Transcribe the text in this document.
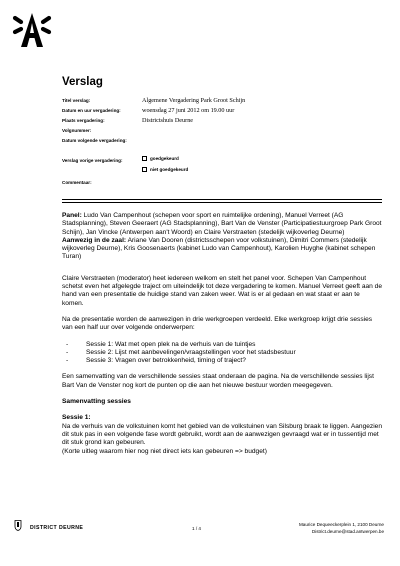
Verslag
Titel verslag:	Algemene Vergadering Park Groot Schijn
Datum en uur vergadering:	woensdag 27 juni 2012 om 19.00 uur
Plaats vergadering:	Districtshuis Deurne
Volgnummer:
Datum volgende vergadering:
Verslag vorige vergadering:	goedgekeurd
niet goedgekeurd
Commentaar:

Panel: Ludo Van Campenhout (schepen voor sport en ruimtelijke ordening), Manuel Verreet (AG Stadsplanning), Steven Geeraert (AG Stadsplanning), Bart Van de Venster (Participatiestuurgroep Park Groot Schijn), Jan Vincke (Antwerpen aan't Woord) en Claire Verstraeten (stedelijk wijkoverleg Deurne)

Aanwezig in de zaal: Ariane Van Dooren (districtsschepen voor volkstuinen), Dimitri Commers (stedelijk wijkoverleg Deurne), Kris Goosenaerts (kabinet Ludo van Campenhout), Karolien Huyghe (kabinet schepen Turan)

Claire Verstraeten (moderator) heet iedereen welkom en stelt het panel voor. Schepen Van Campenhout schetst even het afgelegde traject om uiteindelijk tot deze vergadering te komen. Manuel Verreet geeft aan de hand van een presentatie de huidige stand van zaken weer. Wat is er al gedaan en wat staat er aan te komen.

Na de presentatie worden de aanwezigen in drie werkgroepen verdeeld. Elke werkgroep krijgt drie sessies van een half uur over volgende onderwerpen:

- Sessie 1: Wat met open plek na de verhuis van de tuintjes
- Sessie 2: Lijst met aanbevelingen/vraagstellingen voor het stadsbestuur
- Sessie 3: Vragen over betrokkenheid, timing of traject?

Een samenvatting van de verschillende sessies staat onderaan de pagina. Na de verschillende sessies lijst Bart Van de Venster nog kort de punten op die aan het nieuwe bestuur worden meegegeven.

Samenvatting sessies

Sessie 1:

Na de verhuis van de volkstuinen komt het gebied van de volkstuinen van Silsburg braak te liggen. Aangezien dit stuk pas in een volgende fase wordt gebruikt, wordt aan de aanwezigen gevraagd wat er in tussentijd met dit stuk grond kan gebeuren.

(Korte uitleg waarom hier nog niet direct iets kan gebeuren => budget)

DISTRICT DEURNE	1 / 4
Maurice Dequeeckerplein 1, 2100 Deurne
District.deurne@stad.antwerpen.be
